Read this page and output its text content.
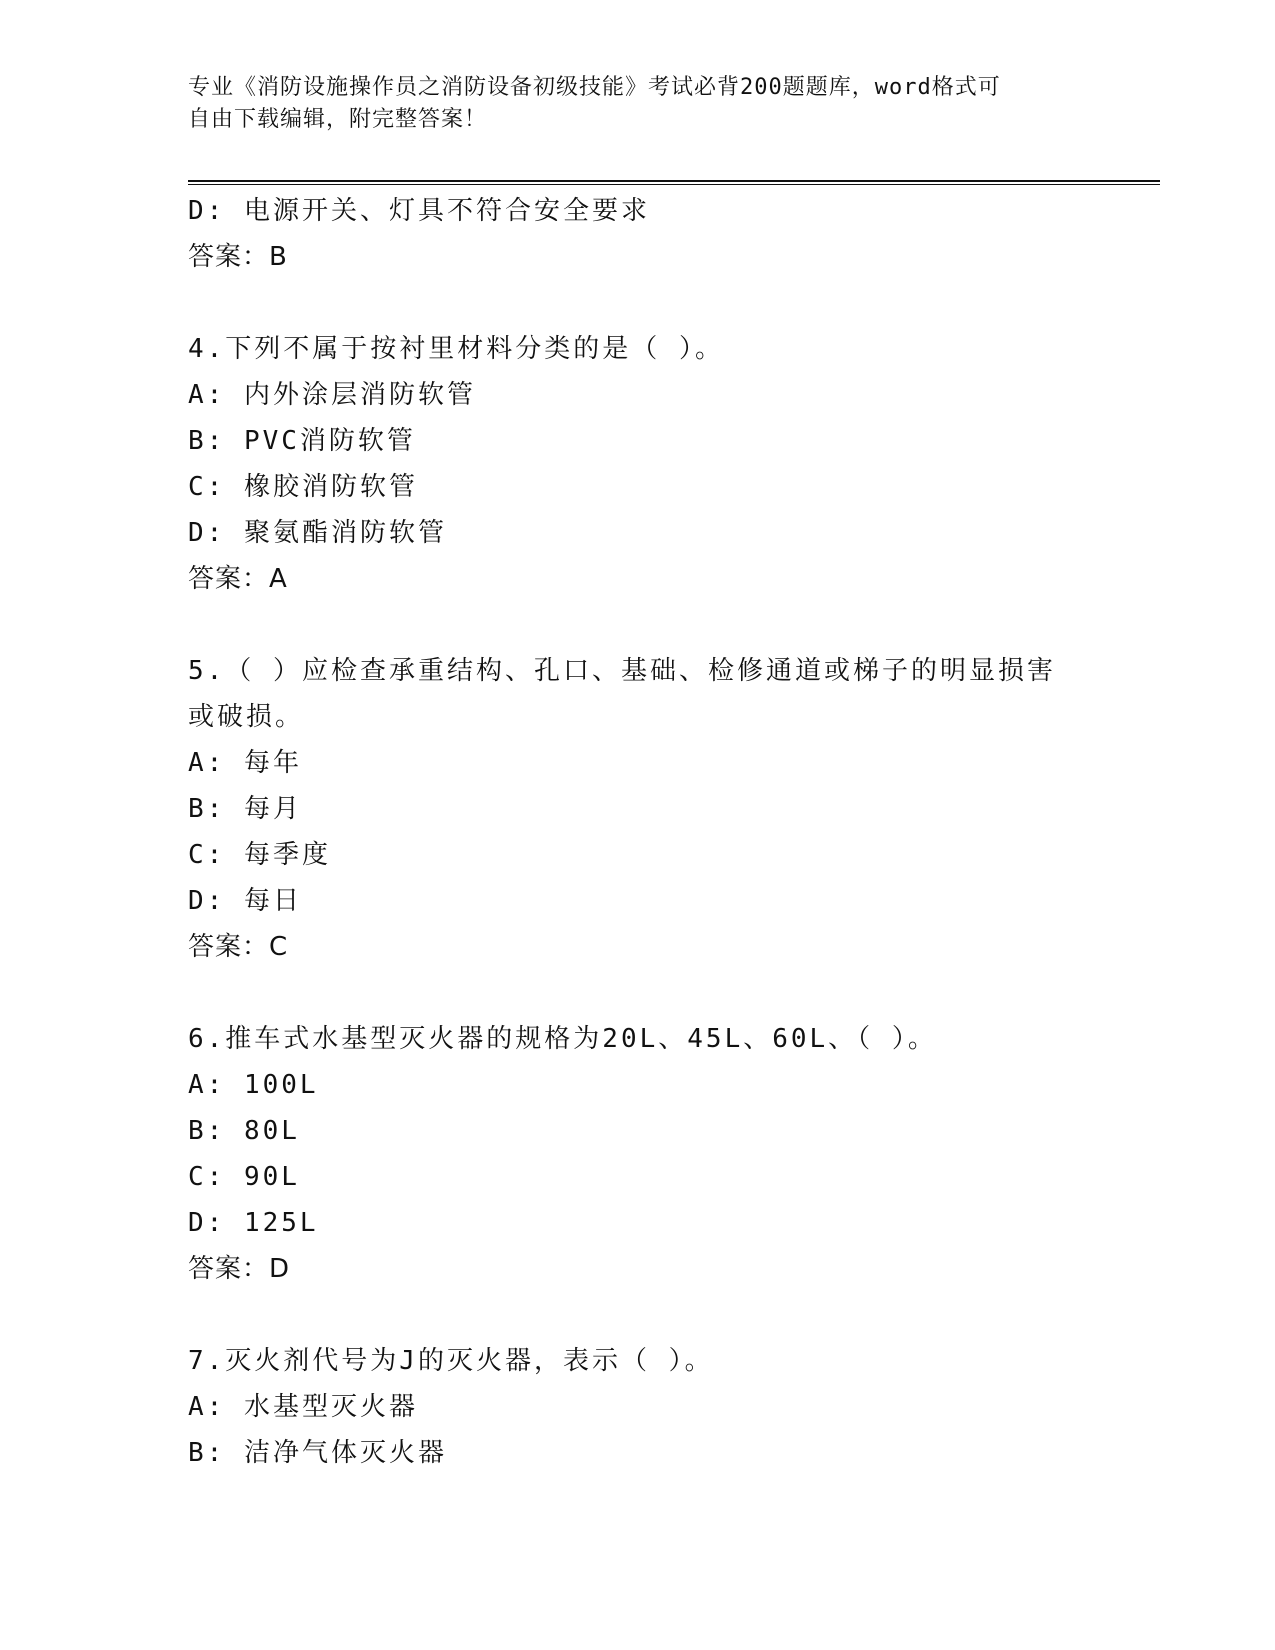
专业《消防设施操作员之消防设备初级技能》考试必背200题题库，word格式可
自由下载编辑，附完整答案！
D: 电源开关、灯具不符合安全要求
答案：B
4.下列不属于按衬里材料分类的是（ ）。
A: 内外涂层消防软管
B: PVC消防软管
C: 橡胶消防软管
D: 聚氨酯消防软管
答案：A
5.（ ）应检查承重结构、孔口、基础、检修通道或梯子的明显损害
或破损。
A: 每年
B: 每月
C: 每季度
D: 每日
答案：C
6.推车式水基型灭火器的规格为20L、45L、60L、（ ）。
A: 100L
B: 80L
C: 90L
D: 125L
答案：D
7.灭火剂代号为J的灭火器，表示（ ）。
A: 水基型灭火器
B: 洁净气体灭火器
